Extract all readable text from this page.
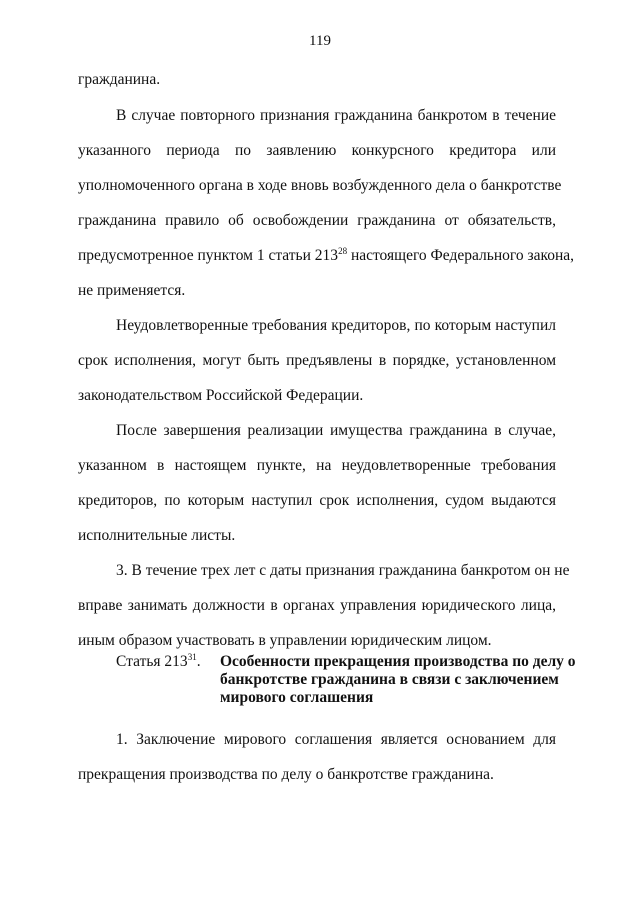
119
гражданина.
В случае повторного признания гражданина банкротом в течение
указанного периода по заявлению конкурсного кредитора или
уполномоченного органа в ходе вновь возбужденного дела о банкротстве
гражданина правило об освобождении гражданина от обязательств,
предусмотренное пунктом 1 статьи $213^{28}$ настоящего Федерального закона,
не применяется.
Неудовлетворенные требования кредиторов, по которым наступил
срок исполнения, могут быть предъявлены в порядке, установленном
законодательством Российской Федерации.
После завершения реализации имущества гражданина в случае,
указанном в настоящем пункте, на неудовлетворенные требования
кредиторов, по которым наступил срок исполнения, судом выдаются
исполнительные листы.
3. В течение трех лет с даты признания гражданина банкротом он не
вправе занимать должности в органах управления юридического лица,
иным образом участвовать в управлении юридическим лицом.
Статья $213^{31}$. Особенности прекращения производства по делу о
банкротстве гражданина в связи с заключением
мирового соглашения
1. Заключение мирового соглашения является основанием для
прекращения производства по делу о банкротстве гражданина.
